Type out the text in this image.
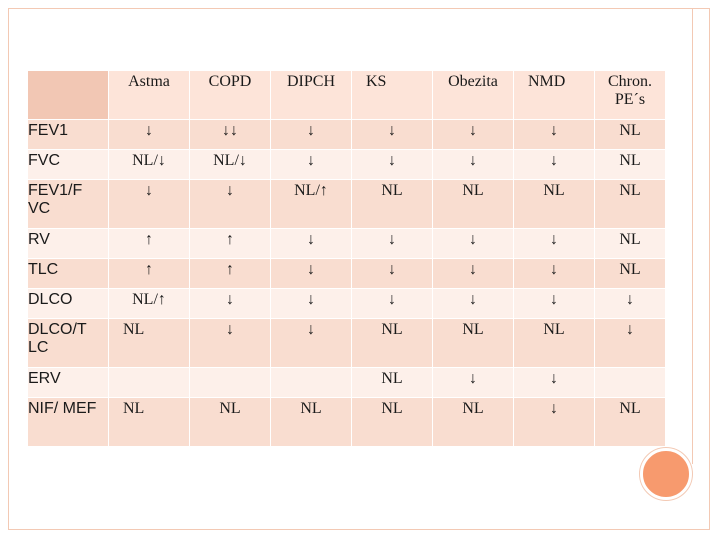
	Astma	COPD	DIPCH	KS	Obezita	NMD	Chron. PE´s

FEV1	↓	↓↓	↓	↓	↓	↓	NL

FVC	NL/↓	NL/↓	↓	↓	↓	↓	NL

FEV1/F VC	↓	↓	NL/↑	NL	NL	NL	NL

RV	↑	↑	↓	↓	↓	↓	NL

TLC	↑	↑	↓	↓	↓	↓	NL

DLCO	NL/↑	↓	↓	↓	↓	↓	↓

DLCO/T LC	NL	↓	↓	NL	NL	NL	↓

ERV				NL	↓	↓	

NIF/ MEF	NL	NL	NL	NL	NL	↓	NL
